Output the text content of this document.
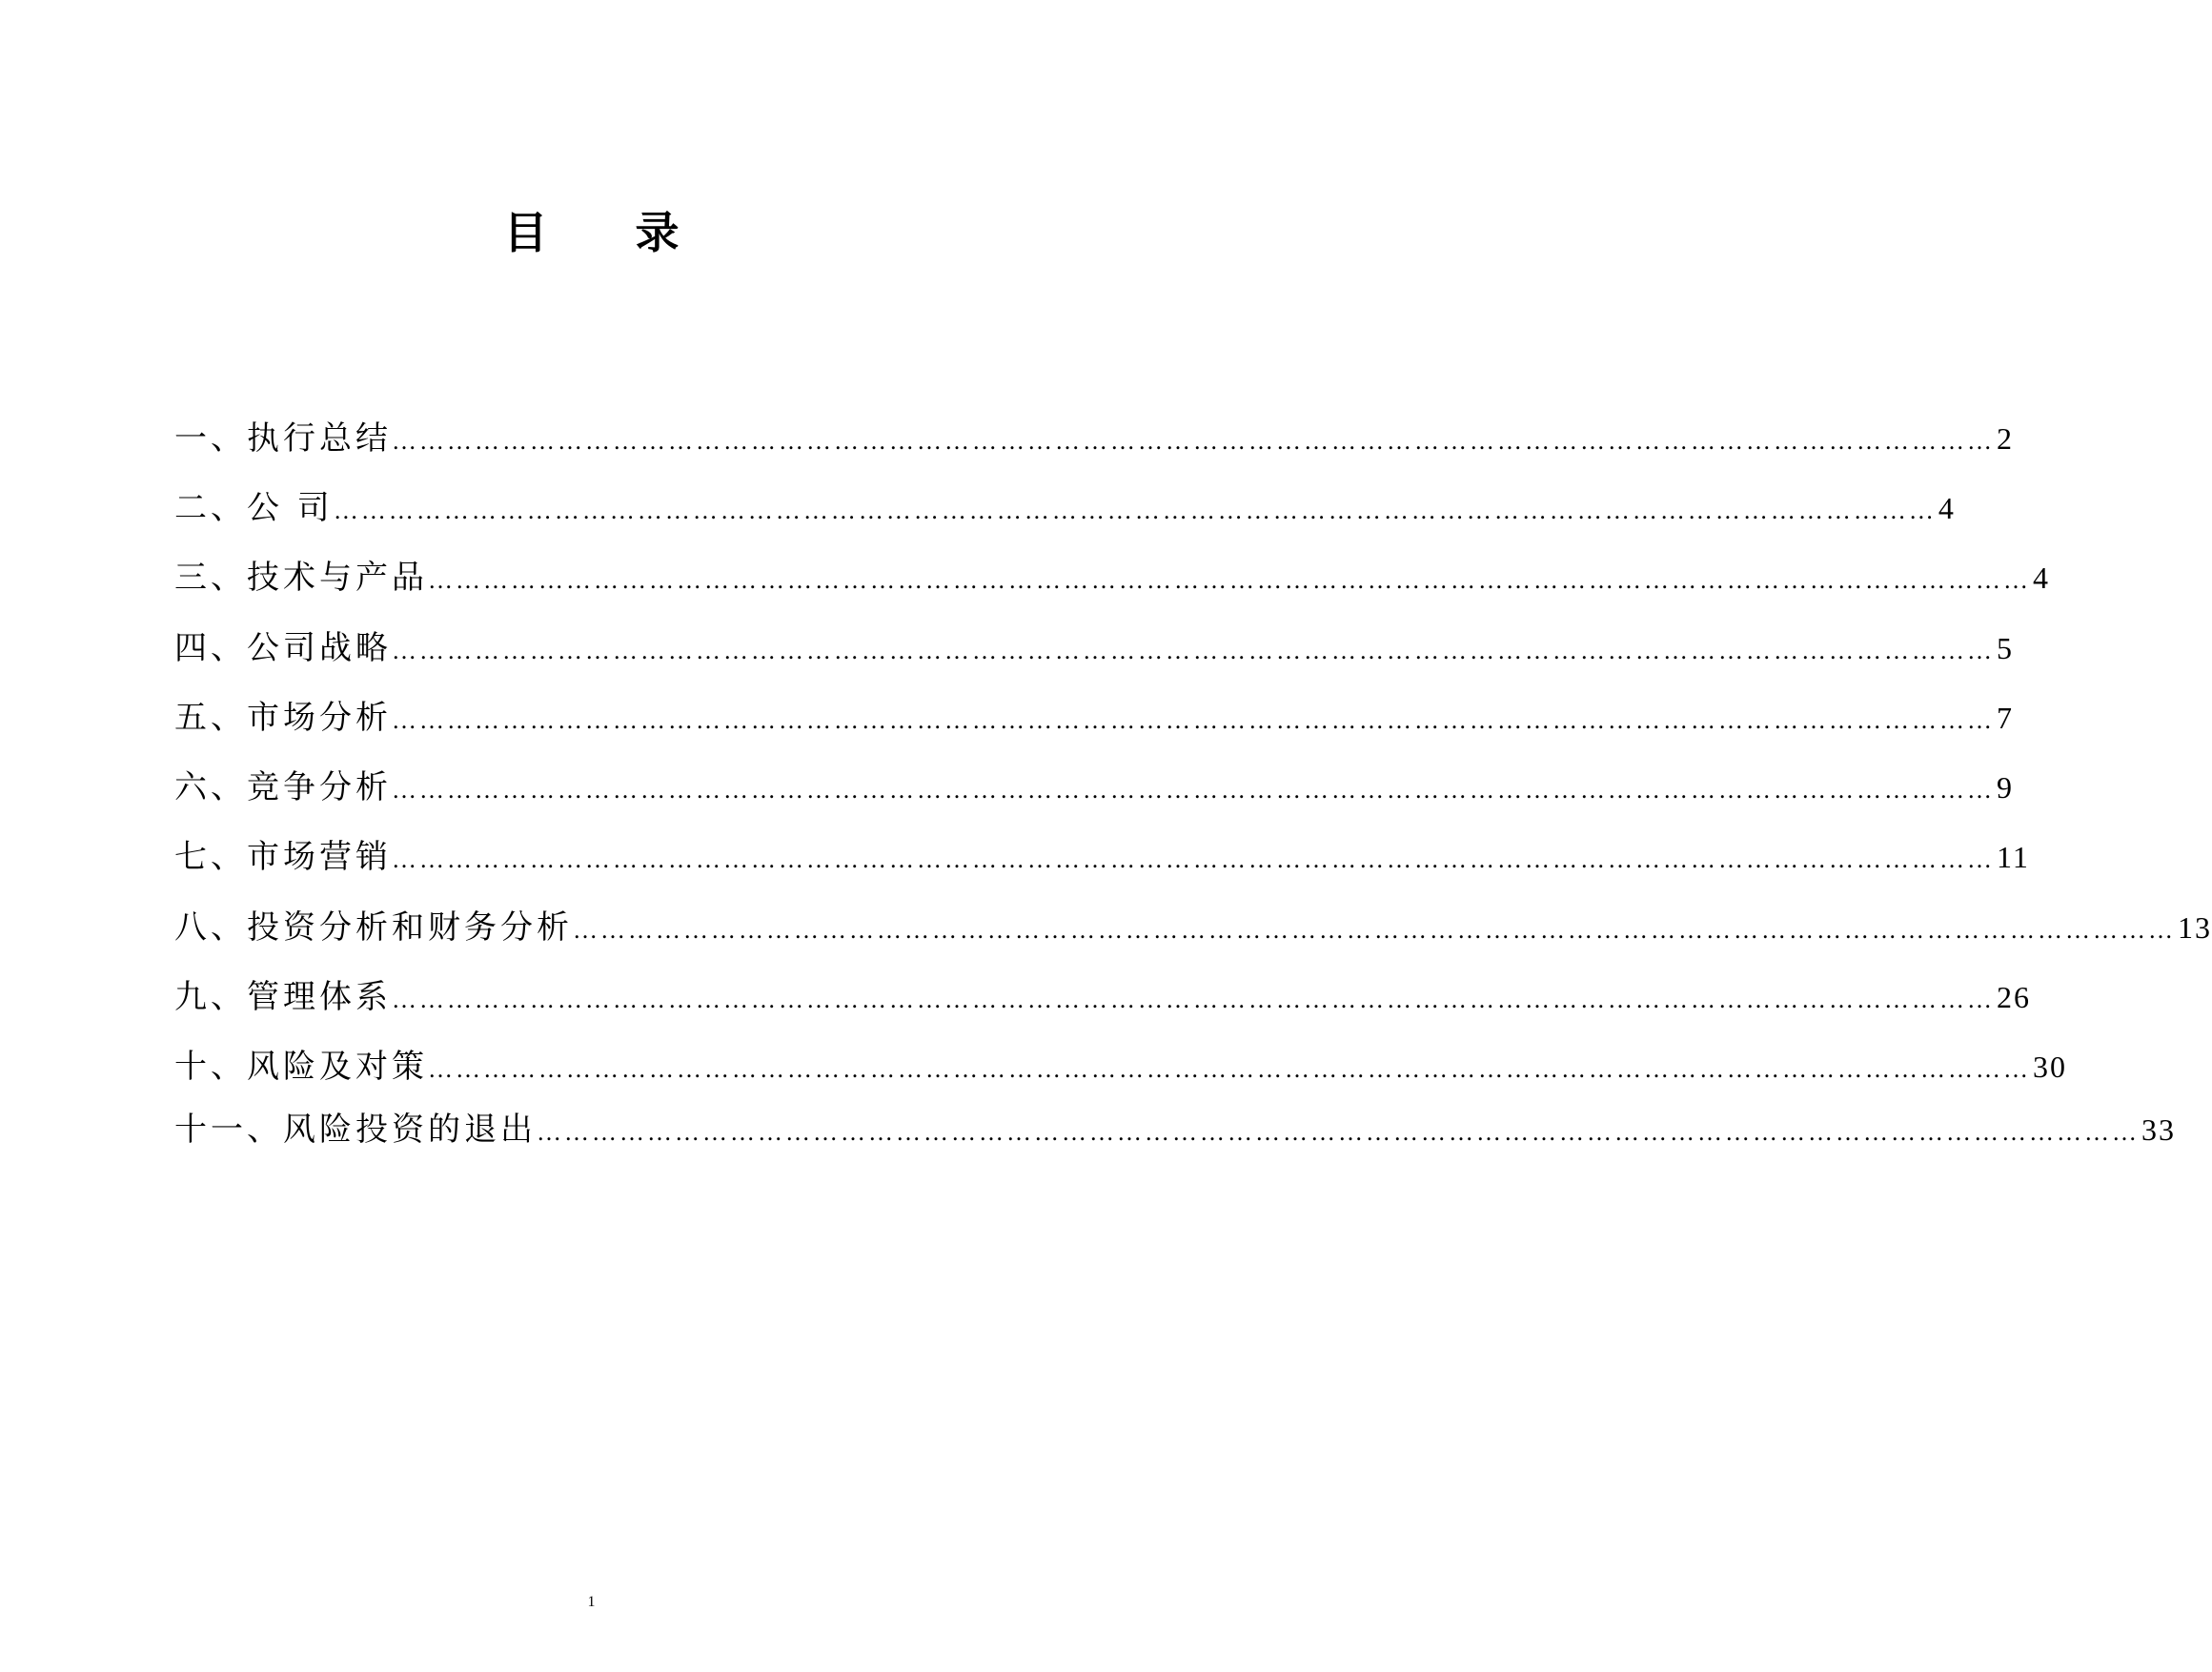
目 录
一、执行总结 ………………………………………………………………………………………………………………………………………………………… 2
二、公 司 ………………………………………………………………………………………………………………………………………………………… 4
三、技术与产品 ………………………………………………………………………………………………………………………………………………………… 4
四、公司战略 ………………………………………………………………………………………………………………………………………………………… 5
五、市场分析 ………………………………………………………………………………………………………………………………………………………… 7
六、竞争分析 ………………………………………………………………………………………………………………………………………………………… 9
七、市场营销 ………………………………………………………………………………………………………………………………………………………… 11
八、投资分析和财务分析 ………………………………………………………………………………………………………………………………………………………… 13
九、管理体系 ………………………………………………………………………………………………………………………………………………………… 26
十、风险及对策 ………………………………………………………………………………………………………………………………………………………… 30
十一、风险投资的退出 ………………………………………………………………………………………………………………………………………………………… 33
1
